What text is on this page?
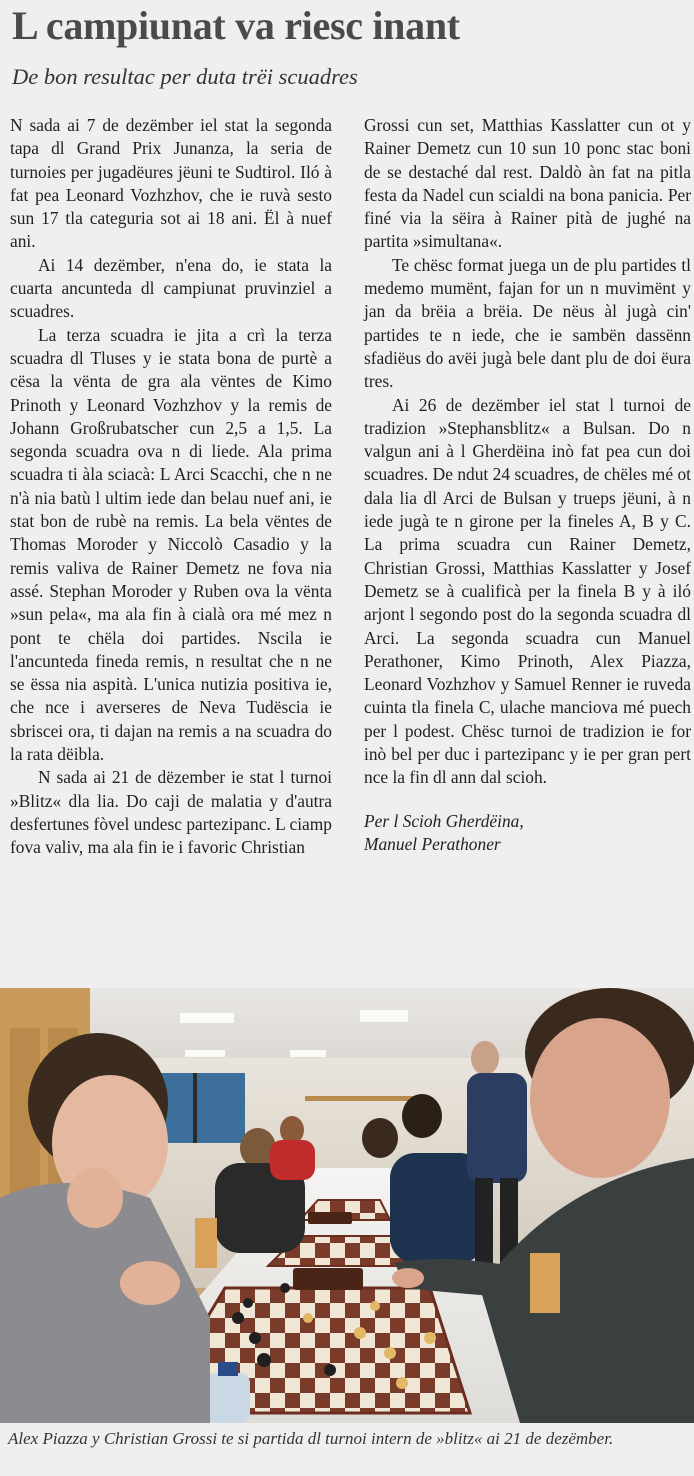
L campiunat va riesc inant
De bon resultac per duta trëi scuadres

N sada ai 7 de dezëmber iel stat la segonda tapa dl Grand Prix Junanza, la seria de turnoies per jugadëures jëuni te Sudtirol. Iló à fat pea Leonard Vozhzhov, che ie ruvà sesto sun 17 tla categuria sot ai 18 ani. Ël à nuef ani.

Ai 14 dezëmber, n'ena do, ie stata la cuarta ancunteda dl campiunat pruvinziel a scuadres.

La terza scuadra ie jita a crì la terza scuadra dl Tluses y ie stata bona de purtè a cësa la vënta de gra ala vëntes de Kimo Prinoth y Leonard Vozhzhov y la remis de Johann Großrubatscher cun 2,5 a 1,5. La segonda scuadra ova n di liede. Ala prima scuadra ti àla sciacà: L Arci Scacchi, che n ne n'à nia batù l ultim iede dan belau nuef ani, ie stat bon de rubè na remis. La bela vëntes de Thomas Moroder y Niccolò Casadio y la remis valiva de Rainer Demetz ne fova nia assé. Stephan Moroder y Ruben ova la vënta »sun pela«, ma ala fin à cialà ora mé mez n pont te chëla doi partides. Nscila ie l'ancunteda fineda remis, n resultat che n ne se ëssa nia aspità. L'unica nutizia positiva ie, che nce i averseres de Neva Tudëscia ie sbriscei ora, ti dajan na remis a na scuadra do la rata dëibla.

N sada ai 21 de dëzember ie stat l turnoi »Blitz« dla lia. Do caji de malatia y d'autra desfertunes fòvel undesc partezipanc. L ciamp fova valiv, ma ala fin ie i favoric Christian

Grossi cun set, Matthias Kasslatter cun ot y Rainer Demetz cun 10 sun 10 ponc stac boni de se destaché dal rest. Daldò àn fat na pitla festa da Nadel cun scialdi na bona panicia. Per finé via la sëira à Rainer pità de jughé na partita »simultana«.

Te chësc format juega un de plu partides tl medemo mumënt, fajan for un n muvimënt y jan da brëia a brëia. De nëus àl jugà cin' partides te n iede, che ie sambën dassënn sfadiëus do avëi jugà bele dant plu de doi ëura tres.

Ai 26 de dezëmber iel stat l turnoi de tradizion »Stephansblitz« a Bulsan. Do n valgun ani à l Gherdëina inò fat pea cun doi scuadres. De ndut 24 scuadres, de chëles mé ot dala lia dl Arci de Bulsan y trueps jëuni, à n iede jugà te n girone per la fineles A, B y C. La prima scuadra cun Rainer Demetz, Christian Grossi, Matthias Kasslatter y Josef Demetz se à cualificà per la finela B y à iló arjont l segondo post do la segonda scuadra dl Arci. La segonda scuadra cun Manuel Perathoner, Kimo Prinoth, Alex Piazza, Leonard Vozhzhov y Samuel Renner ie ruveda cuinta tla finela C, ulache manciova mé puech per l podest. Chësc turnoi de tradizion ie for inò bel per duc i partezipanc y ie per gran pert nce la fin dl ann dal scioh.

Per l Scioh Gherdëina,
Manuel Perathoner

Alex Piazza y Christian Grossi te si partida dl turnoi intern de »blitz« ai 21 de dezëmber.
